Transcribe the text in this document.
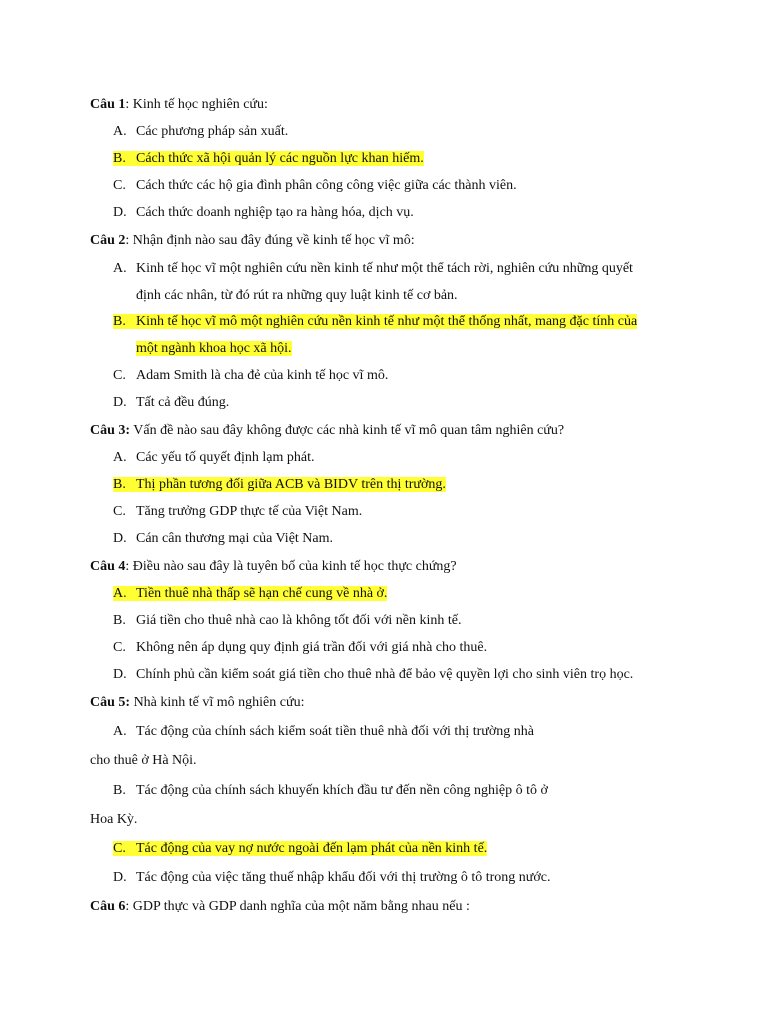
Câu 1: Kinh tế học nghiên cứu:
A. Các phương pháp sản xuất.
B. Cách thức xã hội quản lý các nguồn lực khan hiếm.
C. Cách thức các hộ gia đình phân công công việc giữa các thành viên.
D. Cách thức doanh nghiệp tạo ra hàng hóa, dịch vụ.
Câu 2: Nhận định nào sau đây đúng về kinh tế học vĩ mô:
A. Kinh tế học vĩ một nghiên cứu nền kinh tế như một thể tách rời, nghiên cứu những quyết
định các nhân, từ đó rút ra những quy luật kinh tế cơ bản.
B. Kinh tế học vĩ mô một nghiên cứu nền kinh tế như một thể thống nhất, mang đặc tính của
một ngành khoa học xã hội.
C. Adam Smith là cha đẻ của kinh tế học vĩ mô.
D. Tất cả đều đúng.
Câu 3: Vấn đề nào sau đây không được các nhà kinh tế vĩ mô quan tâm nghiên cứu?
A. Các yếu tố quyết định lạm phát.
B. Thị phần tương đối giữa ACB và BIDV trên thị trường.
C. Tăng trưởng GDP thực tế của Việt Nam.
D. Cán cân thương mại của Việt Nam.
Câu 4: Điều nào sau đây là tuyên bố của kinh tế học thực chứng?
A. Tiền thuê nhà thấp sẽ hạn chế cung về nhà ở.
B. Giá tiền cho thuê nhà cao là không tốt đối với nền kinh tế.
C. Không nên áp dụng quy định giá trần đối với giá nhà cho thuê.
D. Chính phủ cần kiểm soát giá tiền cho thuê nhà để bảo vệ quyền lợi cho sinh viên trọ học.
Câu 5: Nhà kinh tế vĩ mô nghiên cứu:
A. Tác động của chính sách kiểm soát tiền thuê nhà đối với thị trường nhà
cho thuê ở Hà Nội.
B. Tác động của chính sách khuyến khích đầu tư đến nền công nghiệp ô tô ở
Hoa Kỳ.
C. Tác động của vay nợ nước ngoài đến lạm phát của nền kinh tế.
D. Tác động của việc tăng thuế nhập khẩu đối với thị trường ô tô trong nước.
Câu 6: GDP thực và GDP danh nghĩa của một năm bằng nhau nếu :
